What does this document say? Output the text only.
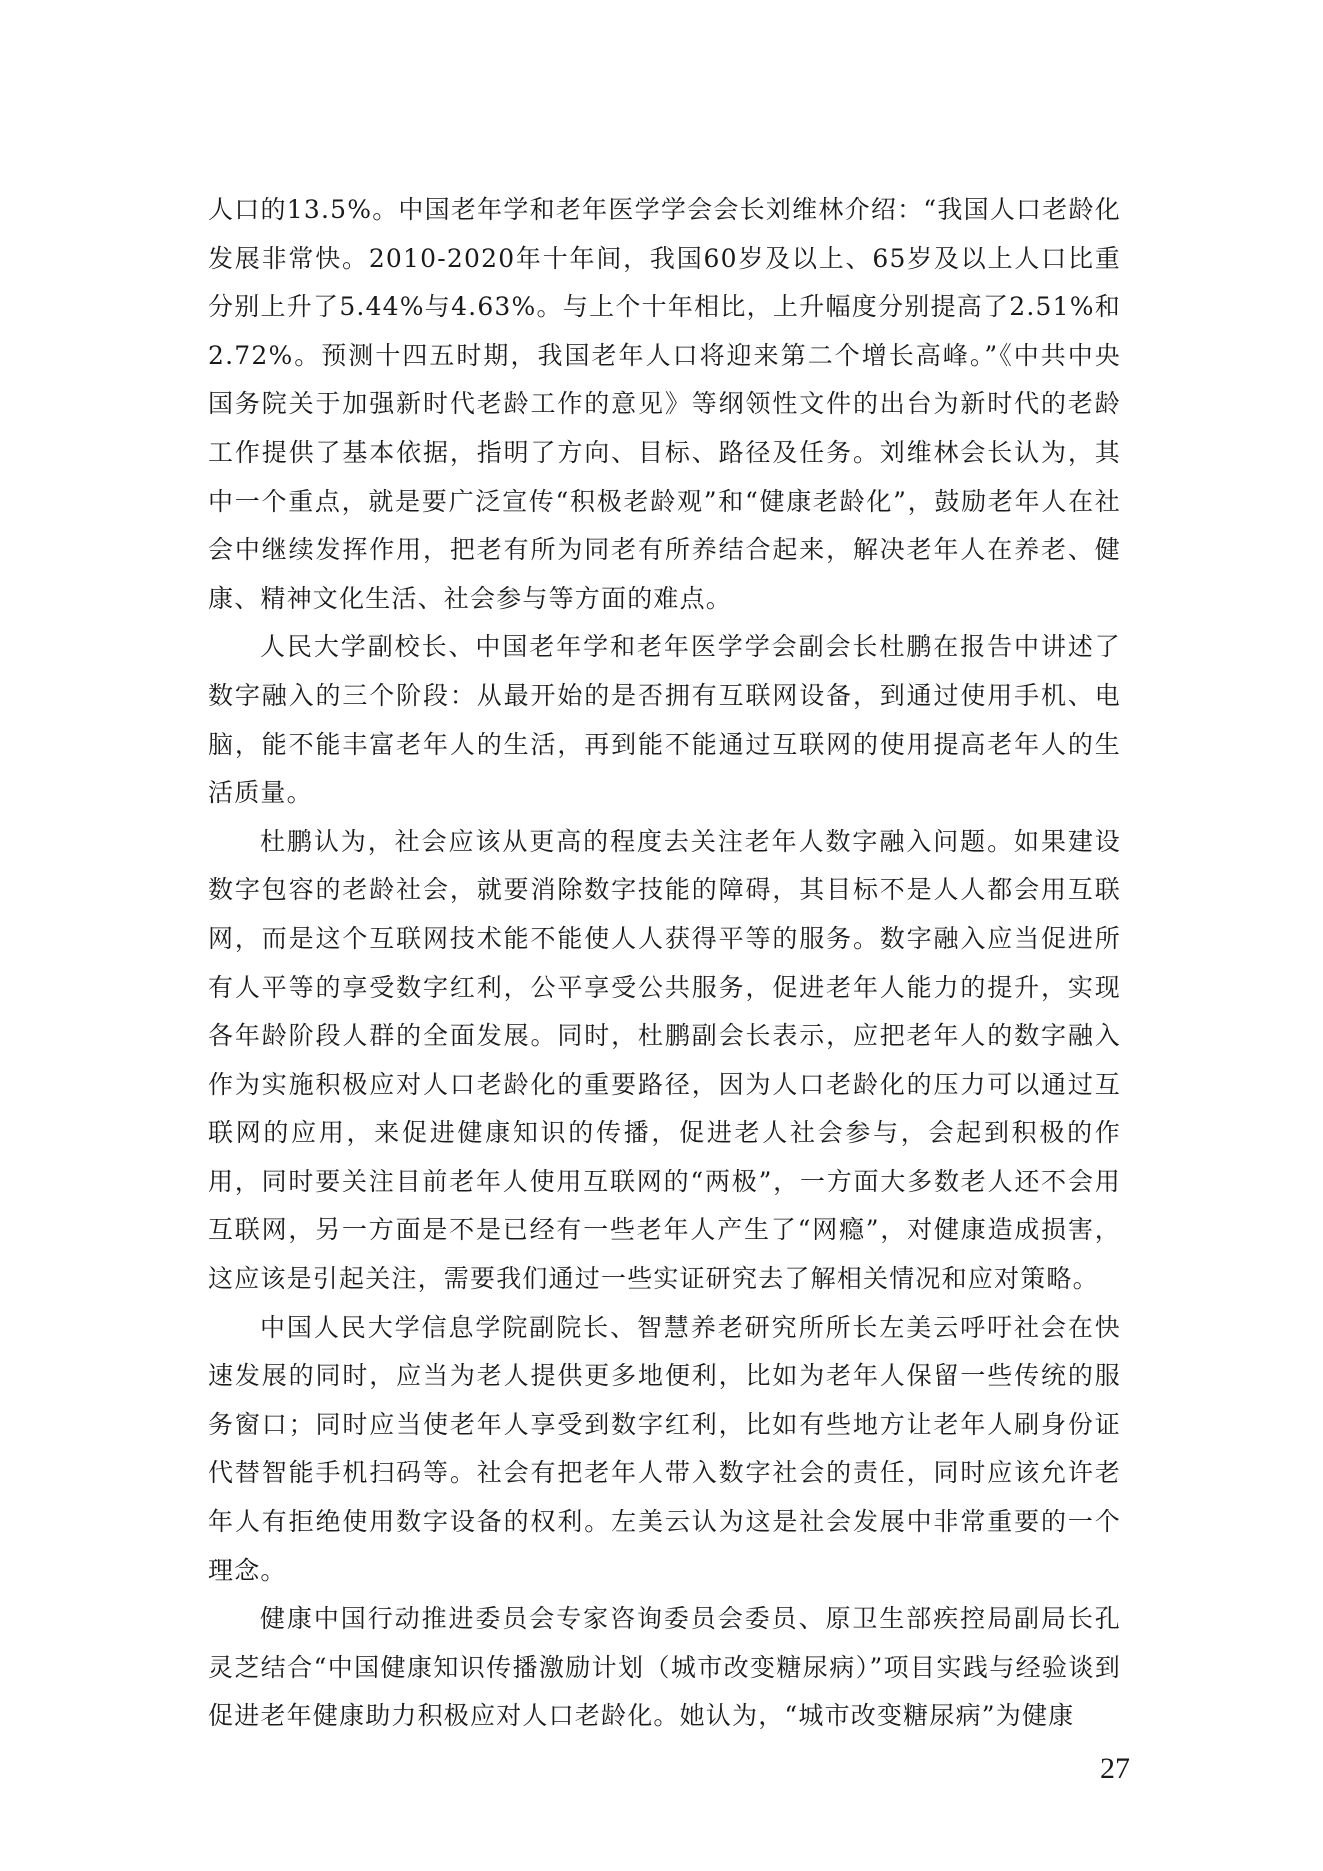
人口的13.5%。中国老年学和老年医学学会会长刘维林介绍：“我国人口老龄化发展非常快。2010-2020年十年间，我国60岁及以上、65岁及以上人口比重分别上升了5.44%与4.63%。与上个十年相比，上升幅度分别提高了2.51%和2.72%。预测十四五时期，我国老年人口将迎来第二个增长高峰。”《中共中央 国务院关于加强新时代老龄工作的意见》等纲领性文件的出台为新时代的老龄工作提供了基本依据，指明了方向、目标、路径及任务。刘维林会长认为，其中一个重点，就是要广泛宣传“积极老龄观”和“健康老龄化”，鼓励老年人在社会中继续发挥作用，把老有所为同老有所养结合起来，解决老年人在养老、健康、精神文化生活、社会参与等方面的难点。

人民大学副校长、中国老年学和老年医学学会副会长杜鹏在报告中讲述了数字融入的三个阶段：从最开始的是否拥有互联网设备，到通过使用手机、电脑，能不能丰富老年人的生活，再到能不能通过互联网的使用提高老年人的生活质量。

杜鹏认为，社会应该从更高的程度去关注老年人数字融入问题。如果建设数字包容的老龄社会，就要消除数字技能的障碍，其目标不是人人都会用互联网，而是这个互联网技术能不能使人人获得平等的服务。数字融入应当促进所有人平等的享受数字红利，公平享受公共服务，促进老年人能力的提升，实现各年龄阶段人群的全面发展。同时，杜鹏副会长表示，应把老年人的数字融入作为实施积极应对人口老龄化的重要路径，因为人口老龄化的压力可以通过互联网的应用，来促进健康知识的传播，促进老人社会参与，会起到积极的作用，同时要关注目前老年人使用互联网的“两极”，一方面大多数老人还不会用互联网，另一方面是不是已经有一些老年人产生了“网瘾”，对健康造成损害，这应该是引起关注，需要我们通过一些实证研究去了解相关情况和应对策略。

中国人民大学信息学院副院长、智慧养老研究所所长左美云呼吁社会在快速发展的同时，应当为老人提供更多地便利，比如为老年人保留一些传统的服务窗口；同时应当使老年人享受到数字红利，比如有些地方让老年人刷身份证代替智能手机扫码等。社会有把老年人带入数字社会的责任，同时应该允许老年人有拒绝使用数字设备的权利。左美云认为这是社会发展中非常重要的一个理念。

健康中国行动推进委员会专家咨询委员会委员、原卫生部疾控局副局长孔灵芝结合“中国健康知识传播激励计划（城市改变糖尿病）”项目实践与经验谈到促进老年健康助力积极应对人口老龄化。她认为，“城市改变糖尿病”为健康

27
